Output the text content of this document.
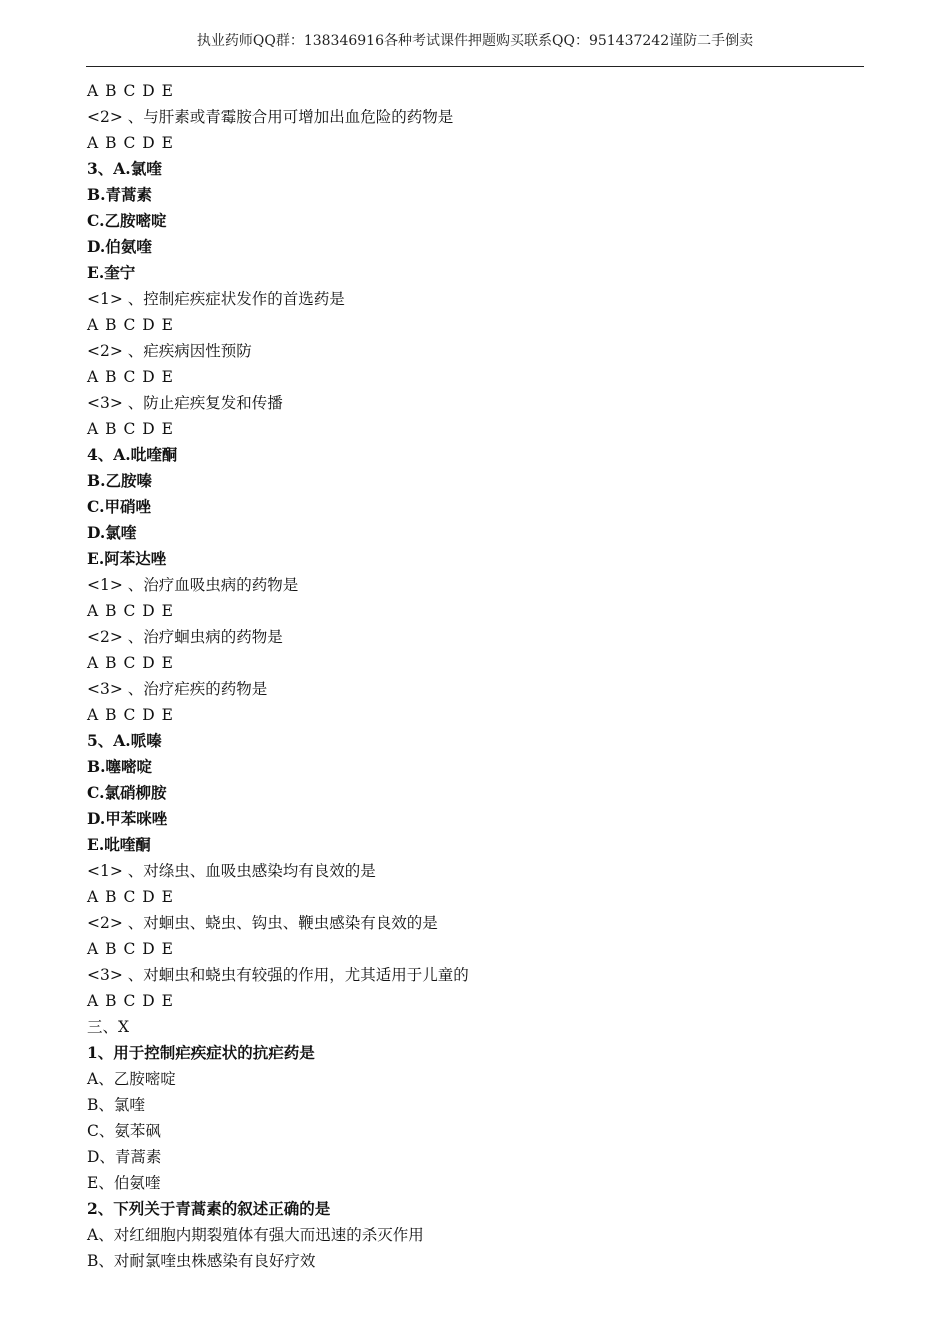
执业药师QQ群：138346916各种考试课件押题购买联系QQ：951437242谨防二手倒卖
A B C D E
<2> 、与肝素或青霉胺合用可增加出血危险的药物是
A B C D E
3、A.氯喹
B.青蒿素
C.乙胺嘧啶
D.伯氨喹
E.奎宁
<1> 、控制疟疾症状发作的首选药是
A B C D E
<2> 、疟疾病因性预防
A B C D E
<3> 、防止疟疾复发和传播
A B C D E
4、A.吡喹酮
B.乙胺嗪
C.甲硝唑
D.氯喹
E.阿苯达唑
<1> 、治疗血吸虫病的药物是
A B C D E
<2> 、治疗蛔虫病的药物是
A B C D E
<3> 、治疗疟疾的药物是
A B C D E
5、A.哌嗪
B.噻嘧啶
C.氯硝柳胺
D.甲苯咪唑
E.吡喹酮
<1> 、对绦虫、血吸虫感染均有良效的是
A B C D E
<2> 、对蛔虫、蛲虫、钩虫、鞭虫感染有良效的是
A B C D E
<3> 、对蛔虫和蛲虫有较强的作用，尤其适用于儿童的
A B C D E
三、X
1、用于控制疟疾症状的抗疟药是
A、乙胺嘧啶
B、氯喹
C、氨苯砜
D、青蒿素
E、伯氨喹
2、下列关于青蒿素的叙述正确的是
A、对红细胞内期裂殖体有强大而迅速的杀灭作用
B、对耐氯喹虫株感染有良好疗效
